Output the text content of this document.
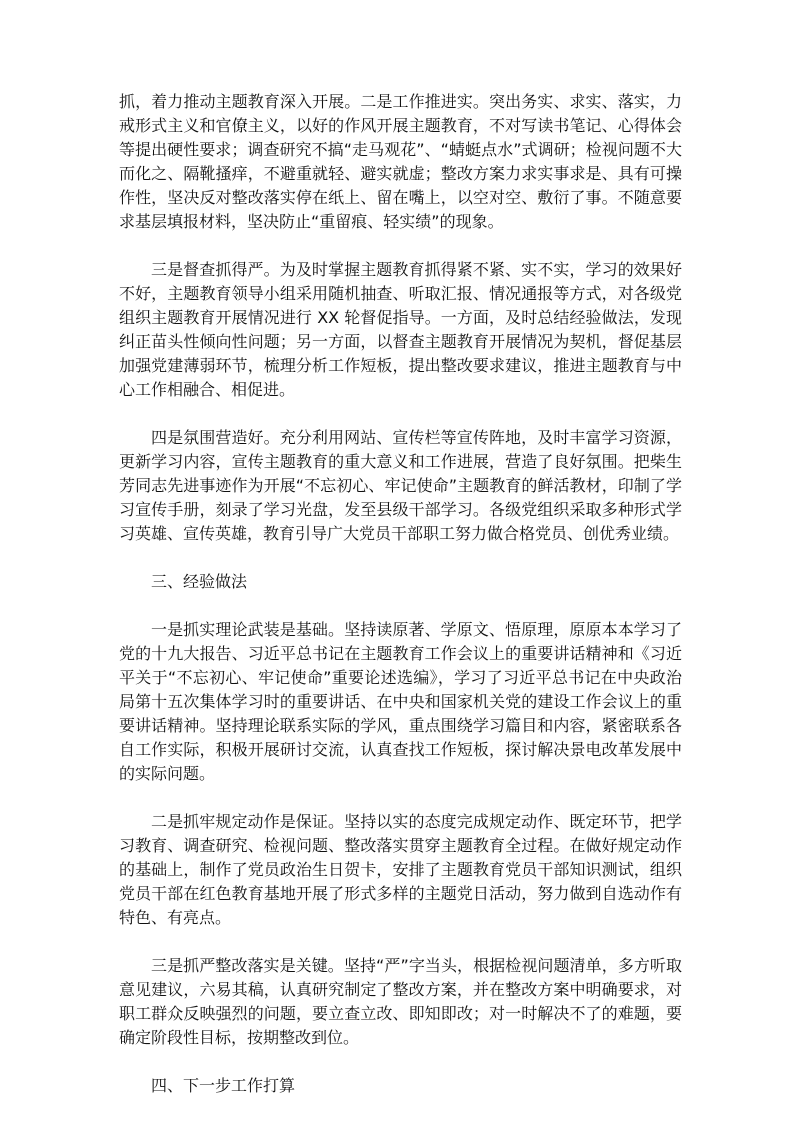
抓，着力推动主题教育深入开展。二是工作推进实。突出务实、求实、落实，力戒形式主义和官僚主义，以好的作风开展主题教育，不对写读书笔记、心得体会等提出硬性要求；调查研究不搞“走马观花”、“蜻蜓点水”式调研；检视问题不大而化之、隔靴搔痒，不避重就轻、避实就虚；整改方案力求实事求是、具有可操作性，坚决反对整改落实停在纸上、留在嘴上，以空对空、敷衍了事。不随意要求基层填报材料，坚决防止“重留痕、轻实绩”的现象。

三是督查抓得严。为及时掌握主题教育抓得紧不紧、实不实，学习的效果好不好，主题教育领导小组采用随机抽查、听取汇报、情况通报等方式，对各级党组织主题教育开展情况进行 XX 轮督促指导。一方面，及时总结经验做法，发现纠正苗头性倾向性问题；另一方面，以督查主题教育开展情况为契机，督促基层加强党建薄弱环节，梳理分析工作短板，提出整改要求建议，推进主题教育与中心工作相融合、相促进。

四是氛围营造好。充分利用网站、宣传栏等宣传阵地，及时丰富学习资源，更新学习内容，宣传主题教育的重大意义和工作进展，营造了良好氛围。把柴生芳同志先进事迹作为开展“不忘初心、牢记使命”主题教育的鲜活教材，印制了学习宣传手册，刻录了学习光盘，发至县级干部学习。各级党组织采取多种形式学习英雄、宣传英雄，教育引导广大党员干部职工努力做合格党员、创优秀业绩。

三、经验做法

一是抓实理论武装是基础。坚持读原著、学原文、悟原理，原原本本学习了党的十九大报告、习近平总书记在主题教育工作会议上的重要讲话精神和《习近平关于“不忘初心、牢记使命”重要论述选编》，学习了习近平总书记在中央政治局第十五次集体学习时的重要讲话、在中央和国家机关党的建设工作会议上的重要讲话精神。坚持理论联系实际的学风，重点围绕学习篇目和内容，紧密联系各自工作实际，积极开展研讨交流，认真查找工作短板，探讨解决景电改革发展中的实际问题。

二是抓牢规定动作是保证。坚持以实的态度完成规定动作、既定环节，把学习教育、调查研究、检视问题、整改落实贯穿主题教育全过程。在做好规定动作的基础上，制作了党员政治生日贺卡，安排了主题教育党员干部知识测试，组织党员干部在红色教育基地开展了形式多样的主题党日活动，努力做到自选动作有特色、有亮点。

三是抓严整改落实是关键。坚持“严”字当头，根据检视问题清单，多方听取意见建议，六易其稿，认真研究制定了整改方案，并在整改方案中明确要求，对职工群众反映强烈的问题，要立查立改、即知即改；对一时解决不了的难题，要确定阶段性目标，按期整改到位。

四、下一步工作打算
